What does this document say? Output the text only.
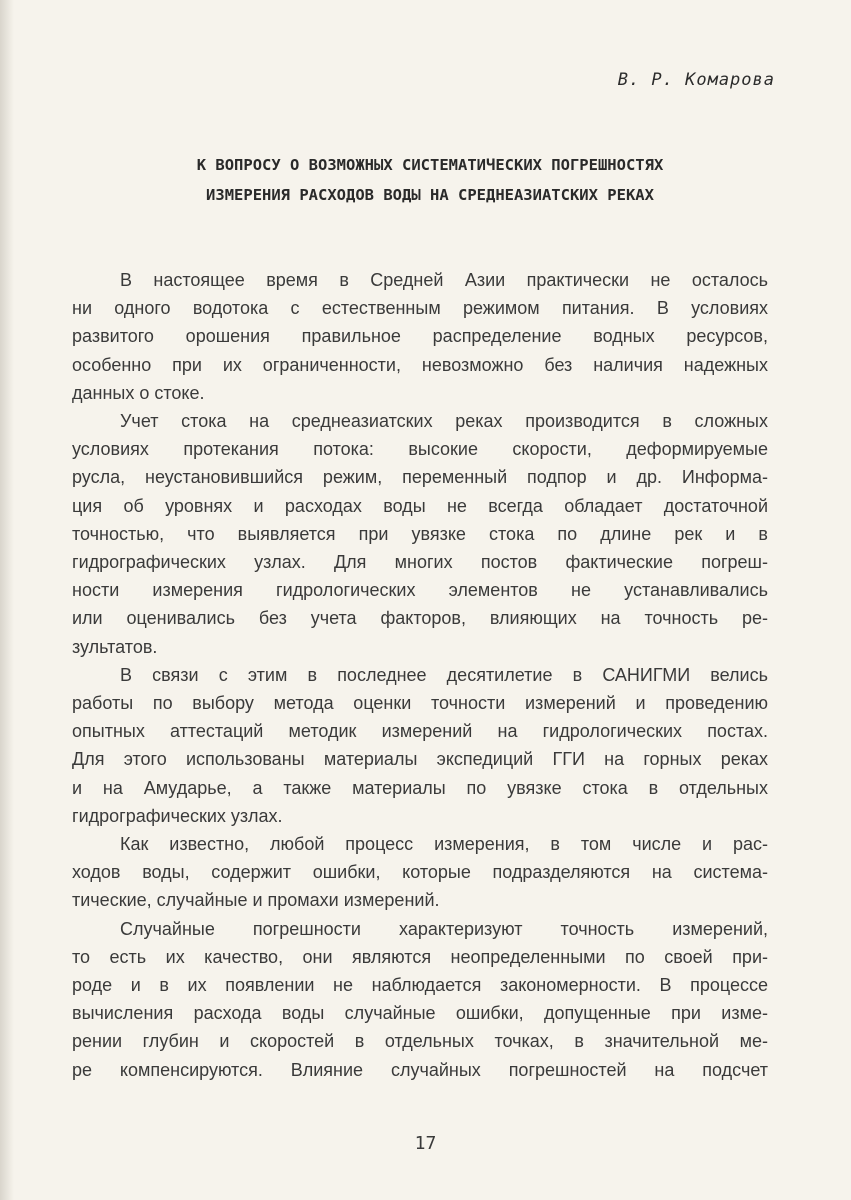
В. Р. Комарова
К ВОПРОСУ О ВОЗМОЖНЫХ СИСТЕМАТИЧЕСКИХ ПОГРЕШНОСТЯХ
ИЗМЕРЕНИЯ РАСХОДОВ ВОДЫ НА СРЕДНЕАЗИАТСКИХ РЕКАХ
В настоящее время в Средней Азии практически не осталось
ни одного водотока с естественным режимом питания. В условиях
развитого орошения правильное распределение водных ресурсов,
особенно при их ограниченности, невозможно без наличия надежных
данных о стоке.
Учет стока на среднеазиатских реках производится в сложных
условиях протекания потока: высокие скорости, деформируемые
русла, неустановившийся режим, переменный подпор и др. Информа-
ция об уровнях и расходах воды не всегда обладает достаточной
точностью, что выявляется при увязке стока по длине рек и в
гидрографических узлах. Для многих постов фактические погреш-
ности измерения гидрологических элементов не устанавливались
или оценивались без учета факторов, влияющих на точность ре-
зультатов.
В связи с этим в последнее десятилетие в САНИГМИ велись
работы по выбору метода оценки точности измерений и проведению
опытных аттестаций методик измерений на гидрологических постах.
Для этого использованы материалы экспедиций ГГИ на горных реках
и на Амударье, а также материалы по увязке стока в отдельных
гидрографических узлах.
Как известно, любой процесс измерения, в том числе и рас-
ходов воды, содержит ошибки, которые подразделяются на системa-
тические, случайные и промахи измерений.
Случайные погрешности характеризуют точность измерений,
то есть их качество, они являются неопределенными по своей при-
роде и в их появлении не наблюдается закономерности. В процессе
вычисления расхода воды случайные ошибки, допущенные при изме-
рении глубин и скоростей в отдельных точках, в значительной ме-
ре компенсируются. Влияние случайных погрешностей на подсчет
17
